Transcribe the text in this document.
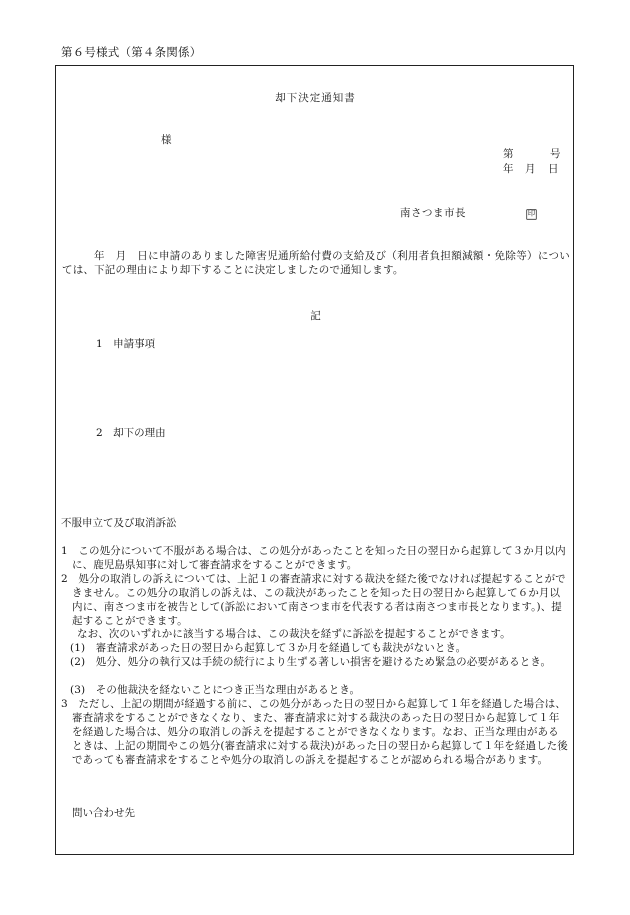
第６号様式（第４条関係）
却下決定通知書
様
第	号
年 月 日
南さつま市長	印
年　月　日に申請のありました障害児通所給付費の支給及び（利用者負担額減額・免除等）については、下記の理由により却下することに決定しましたので通知します。
記
1　申請事項
2　却下の理由
不服申立て及び取消訴訟
1　この処分について不服がある場合は、この処分があったことを知った日の翌日から起算して３か月以内に、鹿児島県知事に対して審査請求をすることができます。
2　処分の取消しの訴えについては、上記１の審査請求に対する裁決を経た後でなければ提起することができません。この処分の取消しの訴えは、この裁決があったことを知った日の翌日から起算して６か月以内に、南さつま市を被告として(訴訟において南さつま市を代表する者は南さつま市長となります。)、提起することができます。
なお、次のいずれかに該当する場合は、この裁決を経ずに訴訟を提起することができます。
(1)　審査請求があった日の翌日から起算して３か月を経過しても裁決がないとき。
(2)　処分、処分の執行又は手続の続行により生ずる著しい損害を避けるため緊急の必要があるとき。
(3)　その他裁決を経ないことにつき正当な理由があるとき。
3　ただし、上記の期間が経過する前に、この処分があった日の翌日から起算して１年を経過した場合は、審査請求をすることができなくなり、また、審査請求に対する裁決のあった日の翌日から起算して１年を経過した場合は、処分の取消しの訴えを提起することができなくなります。なお、正当な理由があるときは、上記の期間やこの処分(審査請求に対する裁決)があった日の翌日から起算して１年を経過した後であっても審査請求をすることや処分の取消しの訴えを提起することが認められる場合があります。
問い合わせ先
